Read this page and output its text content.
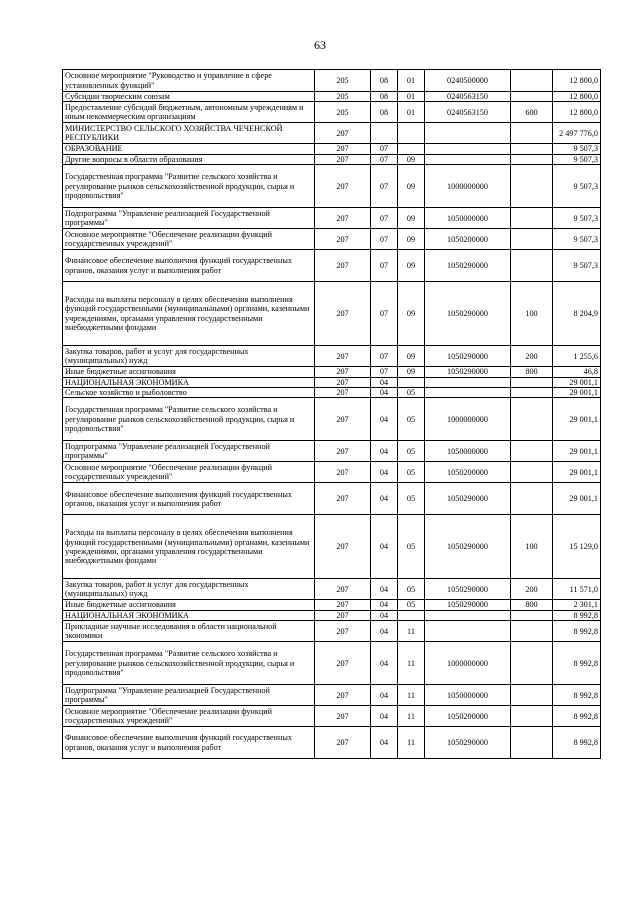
63
Основное мероприятие "Руководство и управление в сфере установленных функций"	205	08	01	0240500000		12 800,0
Субсидии творческим союзам	205	08	01	0240563150		12 800,0
Предоставление субсидий бюджетным, автономным учреждениям и иным некоммерческим организациям	205	08	01	0240563150	600	12 800,0
МИНИСТЕРСТВО СЕЛЬСКОГО ХОЗЯЙСТВА ЧЕЧЕНСКОЙ РЕСПУБЛИКИ	207					2 497 776,0
ОБРАЗОВАНИЕ	207	07				9 507,3
Другие вопросы в области образования	207	07	09			9 507,3
Государственная программа "Развитие сельского хозяйства и регулирование рынков сельскохозяйственной продукции, сырья и продовольствия"	207	07	09	1000000000		9 507,3
Подпрограмма "Управление реализацией Государственной программы"	207	07	09	1050000000		9 507,3
Основное мероприятие "Обеспечение реализации функций государственных учреждений"	207	07	09	1050200000		9 507,3
Финансовое обеспечение выполнения функций государственных органов, оказания услуг и выполнения работ	207	07	09	1050290000		9 507,3
Расходы на выплаты персоналу в целях обеспечения выполнения функций государственными (муниципальными) органами, казенными учреждениями, органами управления государственными внебюджетными фондами	207	07	09	1050290000	100	8 204,9
Закупка товаров, работ и услуг для государственных (муниципальных) нужд	207	07	09	1050290000	200	1 255,6
Иные бюджетные ассигнования	207	07	09	1050290000	800	46,8
НАЦИОНАЛЬНАЯ ЭКОНОМИКА	207	04				29 001,1
Сельское хозяйство и рыболовство	207	04	05			29 001,1
Государственная программа "Развитие сельского хозяйства и регулирование рынков сельскохозяйственной продукции, сырья и продовольствия"	207	04	05	1000000000		29 001,1
Подпрограмма "Управление реализацией Государственной программы"	207	04	05	1050000000		29 001,1
Основное мероприятие "Обеспечение реализации функций государственных учреждений"	207	04	05	1050200000		29 001,1
Финансовое обеспечение выполнения функций государственных органов, оказания услуг и выполнения работ	207	04	05	1050290000		29 001,1
Расходы на выплаты персоналу в целях обеспечения выполнения функций государственными (муниципальными) органами, казенными учреждениями, органами управления государственными внебюджетными фондами	207	04	05	1050290000	100	15 129,0
Закупка товаров, работ и услуг для государственных (муниципальных) нужд	207	04	05	1050290000	200	11 571,0
Иные бюджетные ассигнования	207	04	05	1050290000	800	2 301,1
НАЦИОНАЛЬНАЯ ЭКОНОМИКА	207	04				8 992,8
Прикладные научные исследования в области национальной экономики	207	04	11			8 992,8
Государственная программа "Развитие сельского хозяйства и регулирование рынков сельскохозяйственной продукции, сырья и продовольствия"	207	04	11	1000000000		8 992,8
Подпрограмма "Управление реализацией Государственной программы"	207	04	11	1050000000		8 992,8
Основное мероприятие "Обеспечение реализации функций государственных учреждений"	207	04	11	1050200000		8 992,8
Финансовое обеспечение выполнения функций государственных органов, оказания услуг и выполнения работ	207	04	11	1050290000		8 992,8
